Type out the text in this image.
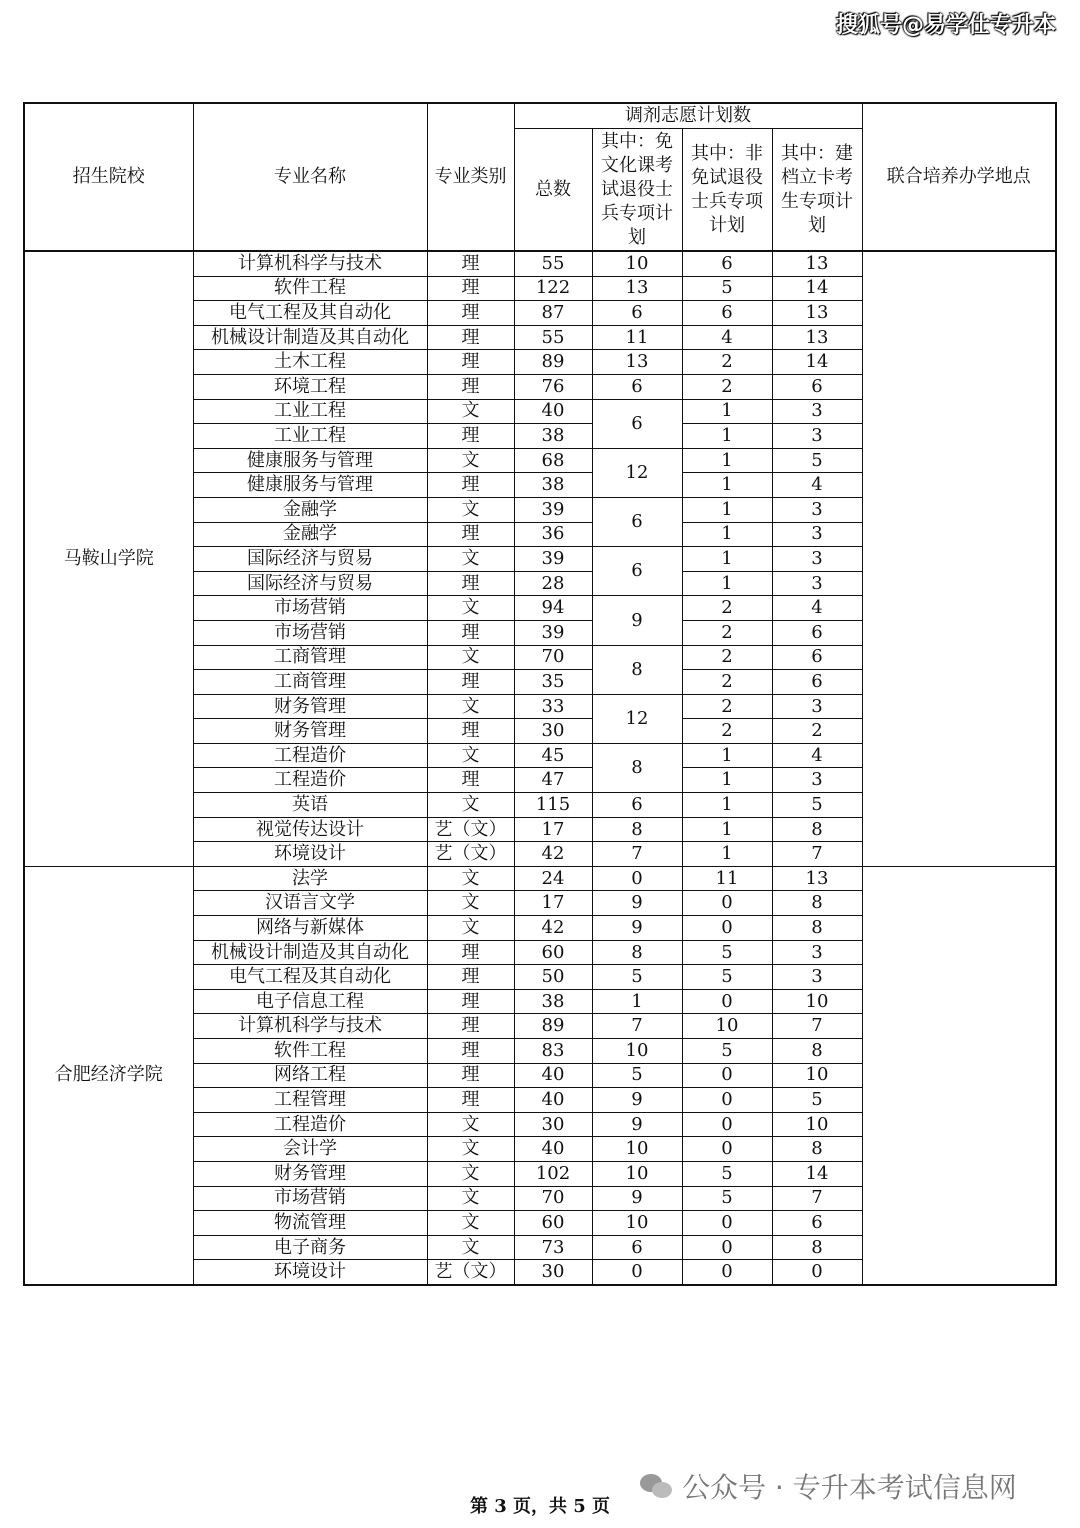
搜狐号@易学仕专升本
招生院校	专业名称	专业类别	调剂志愿计划数				联合培养办学地点
			总数	其中：免文化课考试退役士兵专项计划	其中：非免试退役士兵专项计划	其中：建档立卡考生专项计划	
马鞍山学院	计算机科学与技术	理	55	10	6	13	
	软件工程	理	122	13	5	14	
	电气工程及其自动化	理	87	6	6	13	
	机械设计制造及其自动化	理	55	11	4	13	
	土木工程	理	89	13	2	14	
	环境工程	理	76	6	2	6	
	工业工程	文	40	6	1	3	
	工业工程	理	38		1	3	
	健康服务与管理	文	68	12	1	5	
	健康服务与管理	理	38		1	4	
	金融学	文	39	6	1	3	
	金融学	理	36		1	3	
	国际经济与贸易	文	39	6	1	3	
	国际经济与贸易	理	28		1	3	
	市场营销	文	94	9	2	4	
	市场营销	理	39		2	6	
	工商管理	文	70	8	2	6	
	工商管理	理	35		2	6	
	财务管理	文	33	12	2	3	
	财务管理	理	30		2	2	
	工程造价	文	45	8	1	4	
	工程造价	理	47		1	3	
	英语	文	115	6	1	5	
	视觉传达设计	艺（文）	17	8	1	8	
	环境设计	艺（文）	42	7	1	7	
合肥经济学院	法学	文	24	0	11	13	
	汉语言文学	文	17	9	0	8	
	网络与新媒体	文	42	9	0	8	
	机械设计制造及其自动化	理	60	8	5	3	
	电气工程及其自动化	理	50	5	5	3	
	电子信息工程	理	38	1	0	10	
	计算机科学与技术	理	89	7	10	7	
	软件工程	理	83	10	5	8	
	网络工程	理	40	5	0	10	
	工程管理	理	40	9	0	5	
	工程造价	文	30	9	0	10	
	会计学	文	40	10	0	8	
	财务管理	文	102	10	5	14	
	市场营销	文	70	9	5	7	
	物流管理	文	60	10	0	6	
	电子商务	文	73	6	0	8	
	环境设计	艺（文）	30	0	0	0	
第 3 页，共 5 页
公众号 · 专升本考试信息网
